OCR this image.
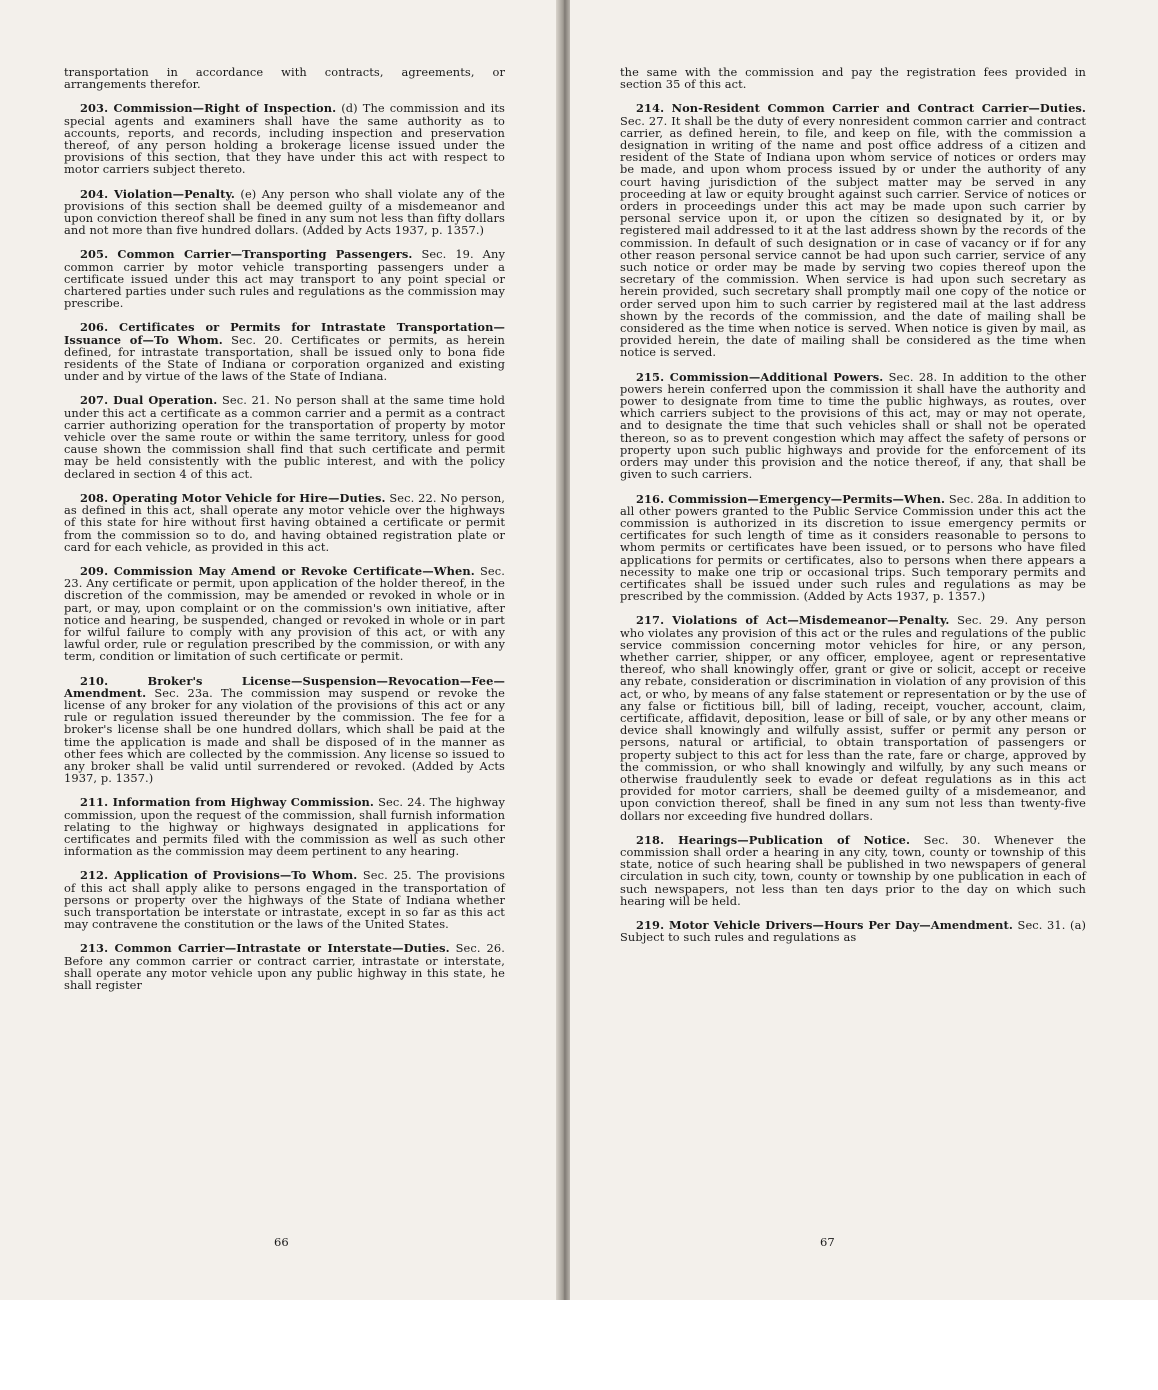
transportation in accordance with contracts, agreements, or arrangements therefor.

203. Commission—Right of Inspection. (d) The commission and its special agents and examiners shall have the same authority as to accounts, reports, and records, including inspection and preservation thereof, of any person holding a brokerage license issued under the provisions of this section, that they have under this act with respect to motor carriers subject thereto.

204. Violation—Penalty. (e) Any person who shall violate any of the provisions of this section shall be deemed guilty of a misdemeanor and upon conviction thereof shall be fined in any sum not less than fifty dollars and not more than five hundred dollars. (Added by Acts 1937, p. 1357.)

205. Common Carrier—Transporting Passengers. Sec. 19. Any common carrier by motor vehicle transporting passengers under a certificate issued under this act may transport to any point special or chartered parties under such rules and regulations as the commission may prescribe.

206. Certificates or Permits for Intrastate Transportation—Issuance of—To Whom. Sec. 20. Certificates or permits, as herein defined, for intrastate transportation, shall be issued only to bona fide residents of the State of Indiana or corporation organized and existing under and by virtue of the laws of the State of Indiana.

207. Dual Operation. Sec. 21. No person shall at the same time hold under this act a certificate as a common carrier and a permit as a contract carrier authorizing operation for the transportation of property by motor vehicle over the same route or within the same territory, unless for good cause shown the commission shall find that such certificate and permit may be held consistently with the public interest, and with the policy declared in section 4 of this act.

208. Operating Motor Vehicle for Hire—Duties. Sec. 22. No person, as defined in this act, shall operate any motor vehicle over the highways of this state for hire without first having obtained a certificate or permit from the commission so to do, and having obtained registration plate or card for each vehicle, as provided in this act.

209. Commission May Amend or Revoke Certificate—When. Sec. 23. Any certificate or permit, upon application of the holder thereof, in the discretion of the commission, may be amended or revoked in whole or in part, or may, upon complaint or on the commission's own initiative, after notice and hearing, be suspended, changed or revoked in whole or in part for wilful failure to comply with any provision of this act, or with any lawful order, rule or regulation prescribed by the commission, or with any term, condition or limitation of such certificate or permit.

210. Broker's License—Suspension—Revocation—Fee—Amendment. Sec. 23a. The commission may suspend or revoke the license of any broker for any violation of the provisions of this act or any rule or regulation issued thereunder by the commission. The fee for a broker's license shall be one hundred dollars, which shall be paid at the time the application is made and shall be disposed of in the manner as other fees which are collected by the commission. Any license so issued to any broker shall be valid until surrendered or revoked. (Added by Acts 1937, p. 1357.)

211. Information from Highway Commission. Sec. 24. The highway commission, upon the request of the commission, shall furnish information relating to the highway or highways designated in applications for certificates and permits filed with the commission as well as such other information as the commission may deem pertinent to any hearing.

212. Application of Provisions—To Whom. Sec. 25. The provisions of this act shall apply alike to persons engaged in the transportation of persons or property over the highways of the State of Indiana whether such transportation be interstate or intrastate, except in so far as this act may contravene the constitution or the laws of the United States.

213. Common Carrier—Intrastate or Interstate—Duties. Sec. 26. Before any common carrier or contract carrier, intrastate or interstate, shall operate any motor vehicle upon any public highway in this state, he shall register

66

the same with the commission and pay the registration fees provided in section 35 of this act.

214. Non-Resident Common Carrier and Contract Carrier—Duties. Sec. 27. It shall be the duty of every nonresident common carrier and contract carrier, as defined herein, to file, and keep on file, with the commission a designation in writing of the name and post office address of a citizen and resident of the State of Indiana upon whom service of notices or orders may be made, and upon whom process issued by or under the authority of any court having jurisdiction of the subject matter may be served in any proceeding at law or equity brought against such carrier. Service of notices or orders in proceedings under this act may be made upon such carrier by personal service upon it, or upon the citizen so designated by it, or by registered mail addressed to it at the last address shown by the records of the commission. In default of such designation or in case of vacancy or if for any other reason personal service cannot be had upon such carrier, service of any such notice or order may be made by serving two copies thereof upon the secretary of the commission. When service is had upon such secretary as herein provided, such secretary shall promptly mail one copy of the notice or order served upon him to such carrier by registered mail at the last address shown by the records of the commission, and the date of mailing shall be considered as the time when notice is served. When notice is given by mail, as provided herein, the date of mailing shall be considered as the time when notice is served.

215. Commission—Additional Powers. Sec. 28. In addition to the other powers herein conferred upon the commission it shall have the authority and power to designate from time to time the public highways, as routes, over which carriers subject to the provisions of this act, may or may not operate, and to designate the time that such vehicles shall or shall not be operated thereon, so as to prevent congestion which may affect the safety of persons or property upon such public highways and provide for the enforcement of its orders may under this provision and the notice thereof, if any, that shall be given to such carriers.

216. Commission—Emergency—Permits—When. Sec. 28a. In addition to all other powers granted to the Public Service Commission under this act the commission is authorized in its discretion to issue emergency permits or certificates for such length of time as it considers reasonable to persons to whom permits or certificates have been issued, or to persons who have filed applications for permits or certificates, also to persons when there appears a necessity to make one trip or occasional trips. Such temporary permits and certificates shall be issued under such rules and regulations as may be prescribed by the commission. (Added by Acts 1937, p. 1357.)

217. Violations of Act—Misdemeanor—Penalty. Sec. 29. Any person who violates any provision of this act or the rules and regulations of the public service commission concerning motor vehicles for hire, or any person, whether carrier, shipper, or any officer, employee, agent or representative thereof, who shall knowingly offer, grant or give or solicit, accept or receive any rebate, consideration or discrimination in violation of any provision of this act, or who, by means of any false statement or representation or by the use of any false or fictitious bill, bill of lading, receipt, voucher, account, claim, certificate, affidavit, deposition, lease or bill of sale, or by any other means or device shall knowingly and wilfully assist, suffer or permit any person or persons, natural or artificial, to obtain transportation of passengers or property subject to this act for less than the rate, fare or charge, approved by the commission, or who shall knowingly and wilfully, by any such means or otherwise fraudulently seek to evade or defeat regulations as in this act provided for motor carriers, shall be deemed guilty of a misdemeanor, and upon conviction thereof, shall be fined in any sum not less than twenty-five dollars nor exceeding five hundred dollars.

218. Hearings—Publication of Notice. Sec. 30. Whenever the commission shall order a hearing in any city, town, county or township of this state, notice of such hearing shall be published in two newspapers of general circulation in such city, town, county or township by one publication in each of such newspapers, not less than ten days prior to the day on which such hearing will be held.

219. Motor Vehicle Drivers—Hours Per Day—Amendment. Sec. 31. (a) Subject to such rules and regulations as

67
